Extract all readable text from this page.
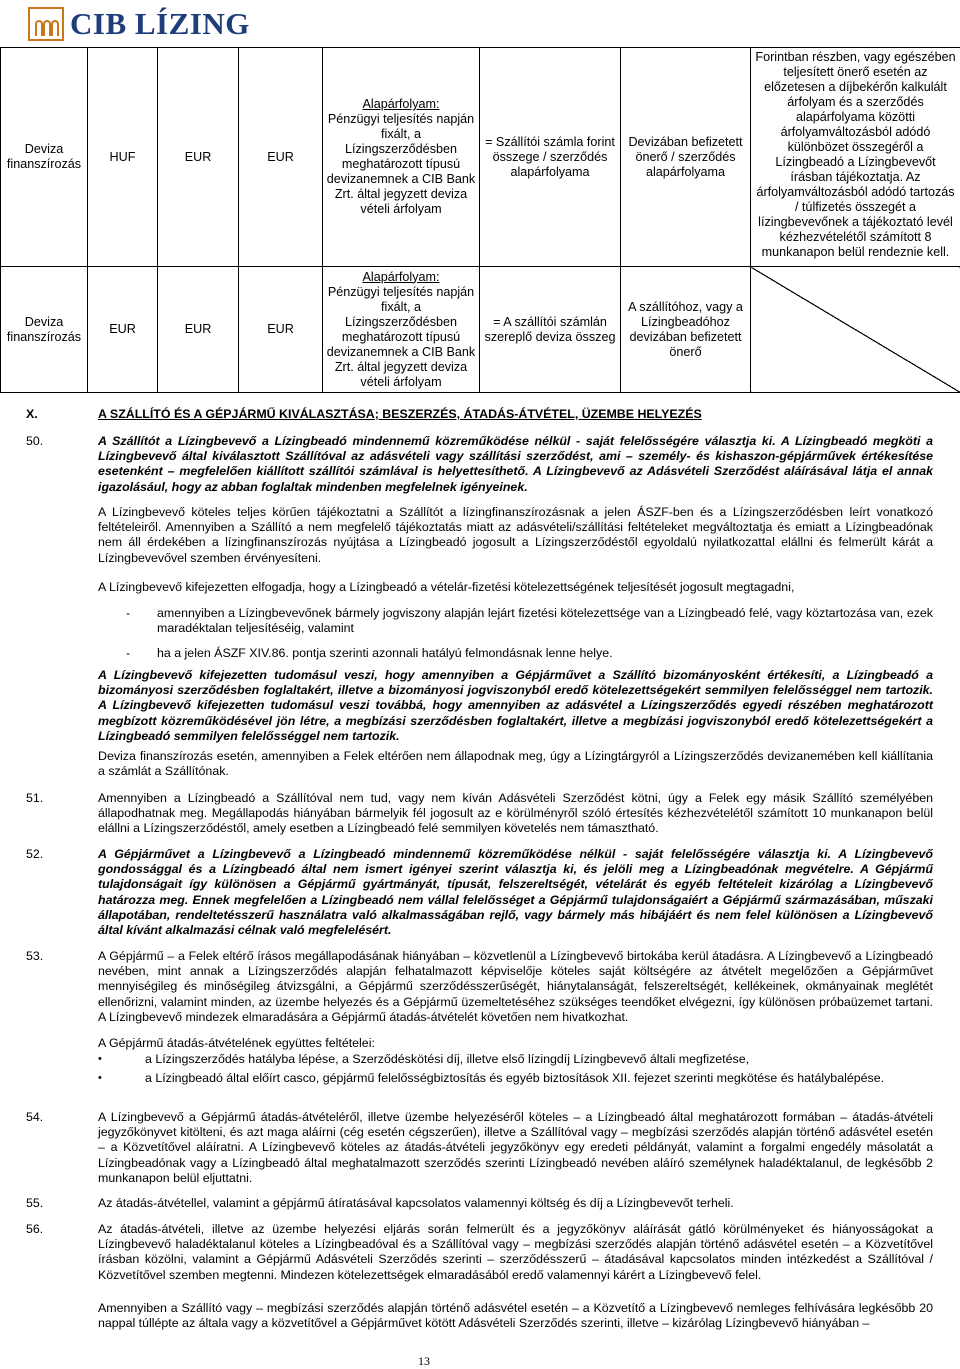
CIB LÍZING
Deviza finanszírozás	HUF	EUR	EUR	Alapárfolyam:
Pénzügyi teljesítés napján fixált, a Lízingszerződésben meghatározott típusú devizanemnek a CIB Bank Zrt. által jegyzett deviza vételi árfolyam	= Szállítói számla forint összege / szerződés alapárfolyama	Devizában befizetett önerő / szerződés alapárfolyama	Forintban részben, vagy egészében teljesített önerő esetén az előzetesen a díjbekérőn kalkulált árfolyam és a szerződés alapárfolyama közötti árfolyamváltozásból adódó különbözet összegéről a Lízingbeadó a Lízingbevevőt írásban tájékoztatja. Az árfolyamváltozásból adódó tartozás / túlfizetés összegét a lízingbevevőnek a tájékoztató levél kézhezvételétől számított 8 munkanapon belül rendeznie kell.
Deviza finanszírozás	EUR	EUR	EUR	Alapárfolyam:
Pénzügyi teljesítés napján fixált, a Lízingszerződésben meghatározott típusú devizanemnek a CIB Bank Zrt. által jegyzett deviza vételi árfolyam	= A szállítói számlán szereplő deviza összeg	A szállítóhoz, vagy a Lízingbeadóhoz devizában befizetett önerő	
X.	A SZÁLLÍTÓ ÉS A GÉPJÁRMŰ KIVÁLASZTÁSA; BESZERZÉS, ÁTADÁS-ÁTVÉTEL, ÜZEMBE HELYEZÉS
50.	A Szállítót a Lízingbevevő a Lízingbeadó mindennemű közreműködése nélkül - saját felelősségére választja ki. A Lízingbeadó megköti a Lízingbevevő által kiválasztott Szállítóval az adásvételi vagy szállítási szerződést, ami – személy- és kishaszon-gépjárművek értékesítése esetenként – megfelelően kiállított szállítói számlával is helyettesíthető. A Lízingbevevő az Adásvételi Szerződést aláírásával látja el annak igazolásául, hogy az abban foglaltak mindenben megfelelnek igényeinek.
A Lízingbevevő köteles teljes körűen tájékoztatni a Szállítót a lízingfinanszírozásnak a jelen ÁSZF-ben és a Lízingszerződésben leírt vonatkozó feltételeiről. Amennyiben a Szállító a nem megfelelő tájékoztatás miatt az adásvételi/szállítási feltételeket megváltoztatja és emiatt a Lízingbeadónak nem áll érdekében a lízingfinanszírozás nyújtása a Lízingbeadó jogosult a Lízingszerződéstől egyoldalú nyilatkozattal elállni és felmerült kárát a Lízingbevevővel szemben érvényesíteni.
A Lízingbevevő kifejezetten elfogadja, hogy a Lízingbeadó a vételár-fizetési kötelezettségének teljesítését jogosult megtagadni,
- amennyiben a Lízingbevevőnek bármely jogviszony alapján lejárt fizetési kötelezettsége van a Lízingbeadó felé, vagy köztartozása van, ezek maradéktalan teljesítéséig, valamint
- ha a jelen ÁSZF XIV.86. pontja szerinti azonnali hatályú felmondásnak lenne helye.
A Lízingbevevő kifejezetten tudomásul veszi, hogy amennyiben a Gépjárművet a Szállító bizományosként értékesíti, a Lízingbeadó a bizományosi szerződésben foglaltakért, illetve a bizományosi jogviszonyból eredő kötelezettségekért semmilyen felelősséggel nem tartozik. A Lízingbevevő kifejezetten tudomásul veszi továbbá, hogy amennyiben az adásvétel a Lízingszerződés egyedi részében meghatározott megbízott közreműködésével jön létre, a megbízási szerződésben foglaltakért, illetve a megbízási jogviszonyból eredő kötelezettségekért a Lízingbeadó semmilyen felelősséggel nem tartozik.
Deviza finanszírozás esetén, amennyiben a Felek eltérően nem állapodnak meg, úgy a Lízingtárgyról a Lízingszerződés devizanemében kell kiállítania a számlát a Szállítónak.
51.	Amennyiben a Lízingbeadó a Szállítóval nem tud, vagy nem kíván Adásvételi Szerződést kötni, úgy a Felek egy másik Szállító személyében állapodhatnak meg. Megállapodás hiányában bármelyik fél jogosult az e körülményről szóló értesítés kézhezvételétől számított 10 munkanapon belül elállni a Lízingszerződéstől, amely esetben a Lízingbeadó felé semmilyen követelés nem támasztható.
52.	A Gépjárművet a Lízingbevevő a Lízingbeadó mindennemű közreműködése nélkül - saját felelősségére választja ki. A Lízingbevevő gondossággal és a Lízingbeadó által nem ismert igényei szerint választja ki, és jelöli meg a Lízingbeadónak megvételre. A Gépjármű tulajdonságait így különösen a Gépjármű gyártmányát, típusát, felszereltségét, vételárát és egyéb feltételeit kizárólag a Lízingbevevő határozza meg. Ennek megfelelően a Lízingbeadó nem vállal felelősséget a Gépjármű tulajdonságaiért a Gépjármű származásában, műszaki állapotában, rendeltetésszerű használatra való alkalmasságában rejlő, vagy bármely más hibájáért és nem felel különösen a Lízingbevevő által kívánt alkalmazási célnak való megfelelésért.
53.	A Gépjármű – a Felek eltérő írásos megállapodásának hiányában – közvetlenül a Lízingbevevő birtokába kerül átadásra. A Lízingbevevő a Lízingbeadó nevében, mint annak a Lízingszerződés alapján felhatalmazott képviselője köteles saját költségére az átvételt megelőzően a Gépjárművet mennyiségileg és minőségileg átvizsgálni, a Gépjármű szerződésszerűségét, hiánytalanságát, felszereltségét, kellékeinek, okmányainak meglétét ellenőrizni, valamint minden, az üzembe helyezés és a Gépjármű üzemeltetéséhez szükséges teendőket elvégezni, így különösen próbaüzemet tartani. A Lízingbevevő mindezek elmaradására a Gépjármű átadás-átvételét követően nem hivatkozhat.
A Gépjármű átadás-átvételének együttes feltételei:
•	a Lízingszerződés hatályba lépése, a Szerződéskötési díj, illetve első lízingdíj Lízingbevevő általi megfizetése,
•	a Lízingbeadó által előírt casco, gépjármű felelősségbiztosítás és egyéb biztosítások XII. fejezet szerinti megkötése és hatálybalépése.
54.	A Lízingbevevő a Gépjármű átadás-átvételéről, illetve üzembe helyezéséről köteles – a Lízingbeadó által meghatározott formában – átadás-átvételi jegyzőkönyvet kitölteni, és azt maga aláírni (cég esetén cégszerűen), illetve a Szállítóval vagy – megbízási szerződés alapján történő adásvétel esetén – a Közvetítővel aláíratni. A Lízingbevevő köteles az átadás-átvételi jegyzőkönyv egy eredeti példányát, valamint a forgalmi engedély másolatát a Lízingbeadónak vagy a Lízingbeadó által meghatalmazott szerződés szerinti Lízingbeadó nevében aláíró személynek haladéktalanul, de legkésőbb 2 munkanapon belül eljuttatni.
55.	Az átadás-átvétellel, valamint a gépjármű átíratásával kapcsolatos valamennyi költség és díj a Lízingbevevőt terheli.
56.	Az átadás-átvételi, illetve az üzembe helyezési eljárás során felmerült és a jegyzőkönyv aláírását gátló körülményeket és hiányosságokat a Lízingbevevő haladéktalanul köteles a Lízingbeadóval és a Szállítóval vagy – megbízási szerződés alapján történő adásvétel esetén – a Közvetítővel írásban közölni, valamint a Gépjármű Adásvételi Szerződés szerinti – szerződésszerű – átadásával kapcsolatos minden intézkedést a Szállítóval / Közvetítővel szemben megtenni. Mindezen kötelezettségek elmaradásából eredő valamennyi kárért a Lízingbevevő felel.
Amennyiben a Szállító vagy – megbízási szerződés alapján történő adásvétel esetén – a Közvetítő a Lízingbevevő nemleges felhívására legkésőbb 20 nappal túllépte az általa vagy a közvetítővel a Gépjárművet kötött Adásvételi Szerződés szerinti, illetve – kizárólag Lízingbevevő hiányában –
13
